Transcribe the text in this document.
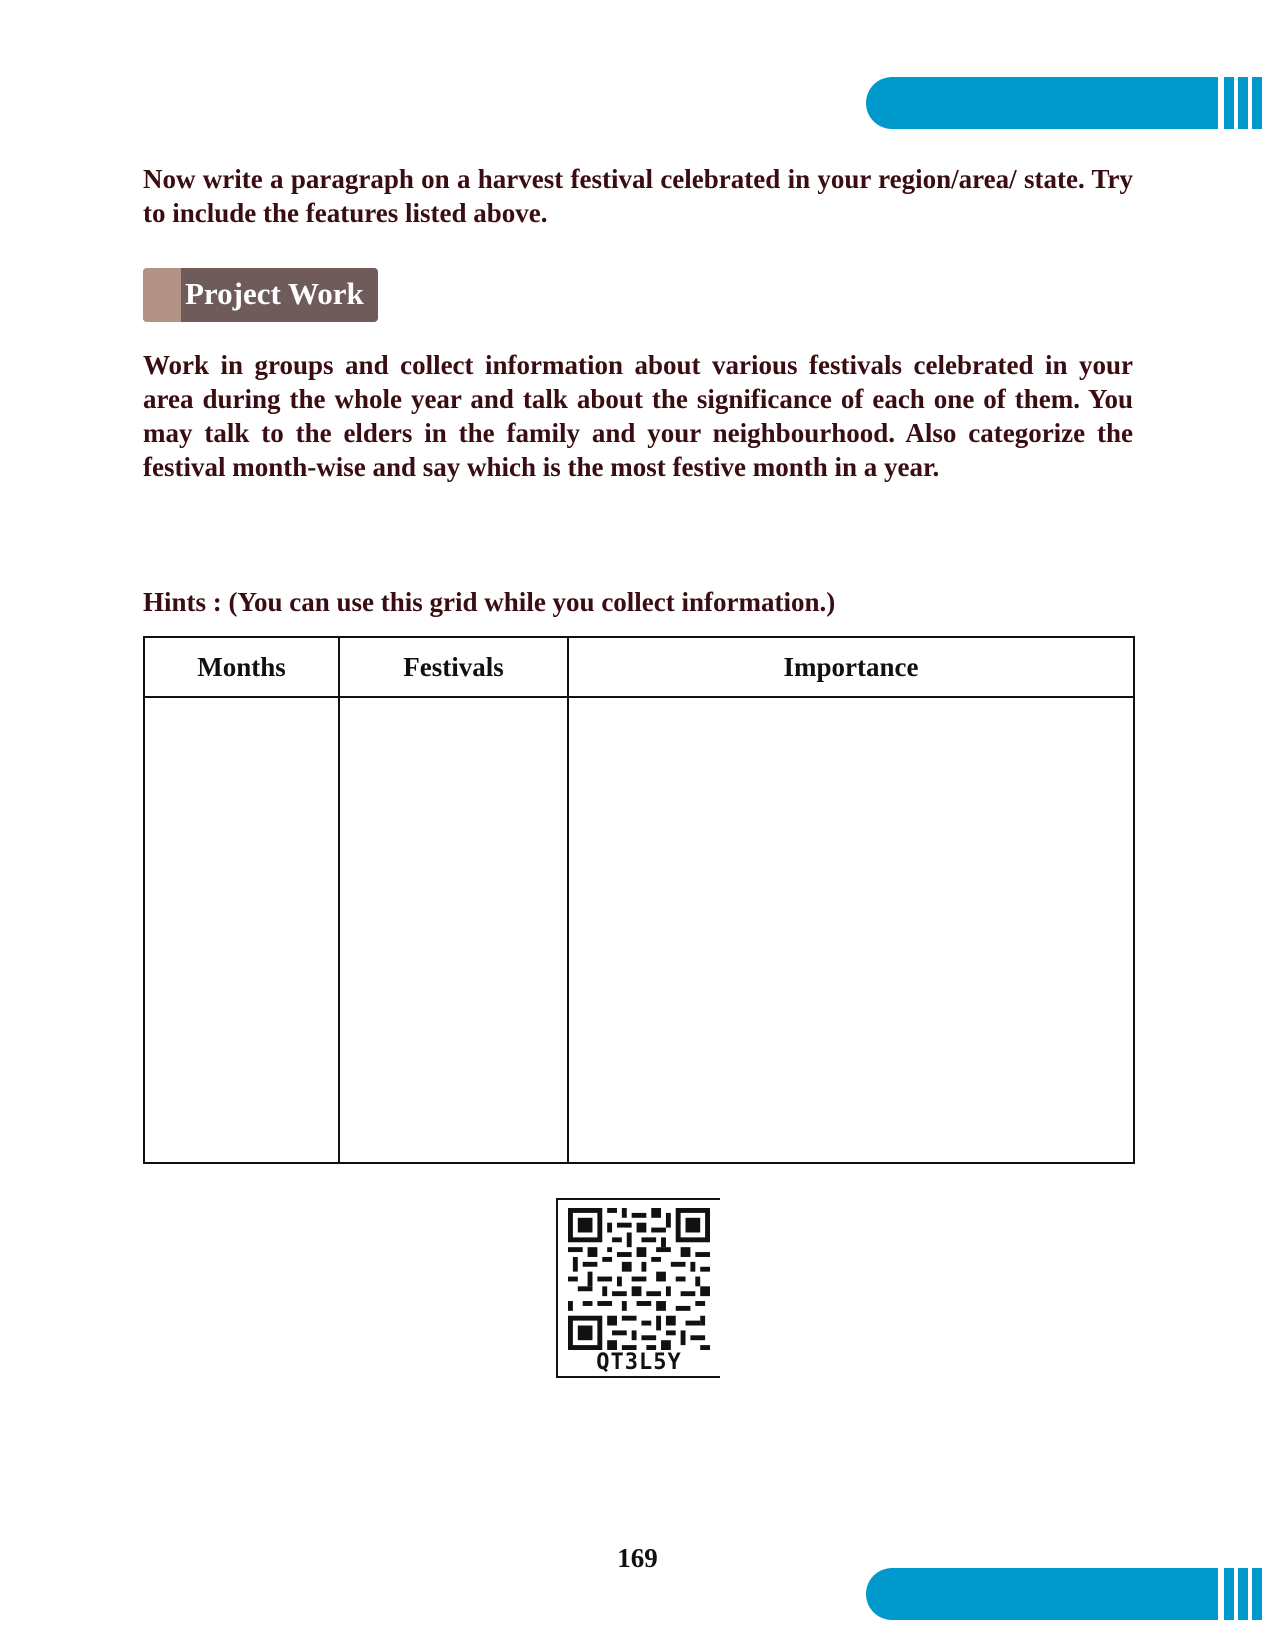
Now write a paragraph on a harvest festival celebrated in your region/area/ state. Try to include the features listed above.

Project Work

Work in groups and collect information about various festivals celebrated in your area during the whole year and talk about the significance of each one of them. You may talk to the elders in the family and your neighbourhood. Also categorize the festival month-wise and say which is the most festive month in a year.

Hints : (You can use this grid while you collect information.)

Months	Festivals	Importance

QT3L5Y
169
